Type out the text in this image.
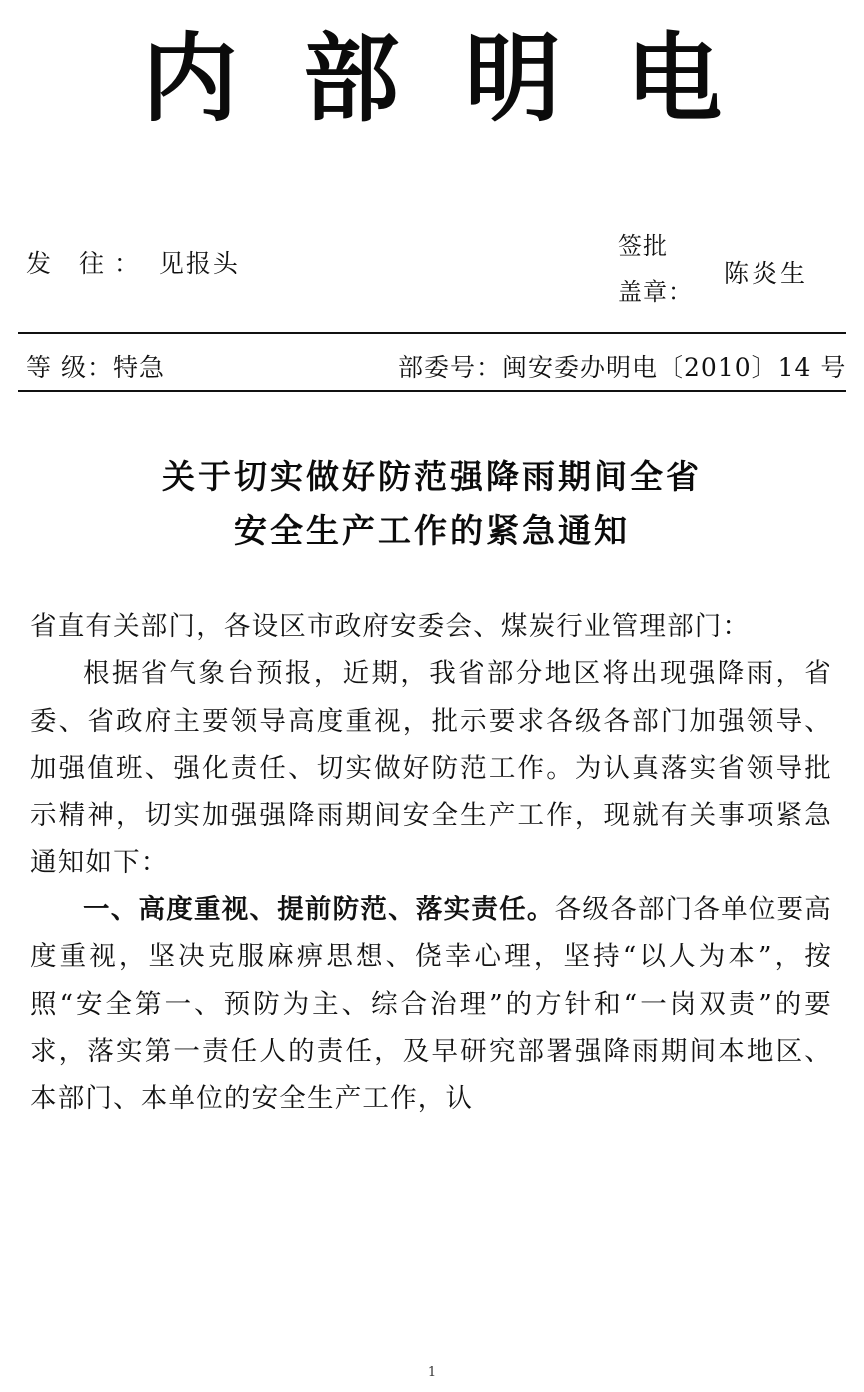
内 部 明 电
发 往： 见报头
签批
盖章：
陈炎生
等 级：特急	部委号：闽安委办明电〔2010〕14 号
关于切实做好防范强降雨期间全省
安全生产工作的紧急通知

省直有关部门，各设区市政府安委会、煤炭行业管理部门：

根据省气象台预报，近期，我省部分地区将出现强降雨，省委、省政府主要领导高度重视，批示要求各级各部门加强领导、加强值班、强化责任、切实做好防范工作。为认真落实省领导批示精神，切实加强强降雨期间安全生产工作，现就有关事项紧急通知如下：

一、高度重视、提前防范、落实责任。各级各部门各单位要高度重视，坚决克服麻痹思想、侥幸心理，坚持“以人为本”，按照“安全第一、预防为主、综合治理”的方针和“一岗双责”的要求，落实第一责任人的责任，及早研究部署强降雨期间本地区、本部门、本单位的安全生产工作，认

1
